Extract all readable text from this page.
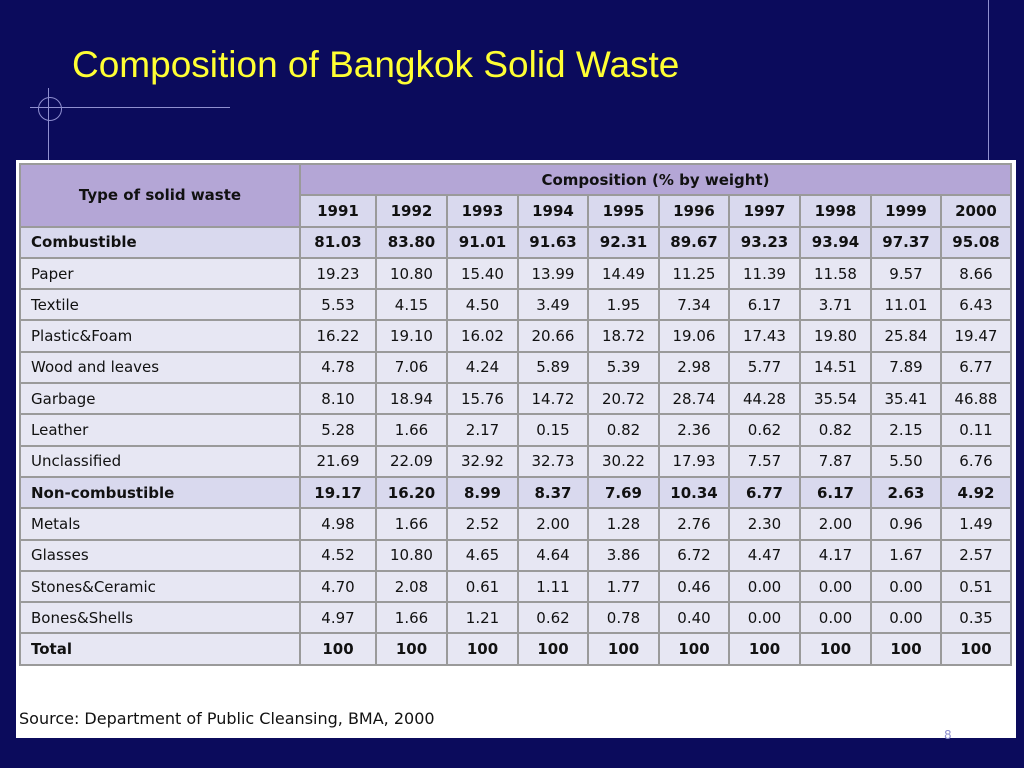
Composition of Bangkok Solid Waste
Type of solid waste	Composition (% by weight)									
	1991	1992	1993	1994	1995	1996	1997	1998	1999	2000
Combustible	81.03	83.80	91.01	91.63	92.31	89.67	93.23	93.94	97.37	95.08
Paper	19.23	10.80	15.40	13.99	14.49	11.25	11.39	11.58	9.57	8.66
Textile	5.53	4.15	4.50	3.49	1.95	7.34	6.17	3.71	11.01	6.43
Plastic&Foam	16.22	19.10	16.02	20.66	18.72	19.06	17.43	19.80	25.84	19.47
Wood and leaves	4.78	7.06	4.24	5.89	5.39	2.98	5.77	14.51	7.89	6.77
Garbage	8.10	18.94	15.76	14.72	20.72	28.74	44.28	35.54	35.41	46.88
Leather	5.28	1.66	2.17	0.15	0.82	2.36	0.62	0.82	2.15	0.11
Unclassified	21.69	22.09	32.92	32.73	30.22	17.93	7.57	7.87	5.50	6.76
Non-combustible	19.17	16.20	8.99	8.37	7.69	10.34	6.77	6.17	2.63	4.92
Metals	4.98	1.66	2.52	2.00	1.28	2.76	2.30	2.00	0.96	1.49
Glasses	4.52	10.80	4.65	4.64	3.86	6.72	4.47	4.17	1.67	2.57
Stones&Ceramic	4.70	2.08	0.61	1.11	1.77	0.46	0.00	0.00	0.00	0.51
Bones&Shells	4.97	1.66	1.21	0.62	0.78	0.40	0.00	0.00	0.00	0.35
Total	100	100	100	100	100	100	100	100	100	100
Source: Department of Public Cleansing, BMA, 2000
8
